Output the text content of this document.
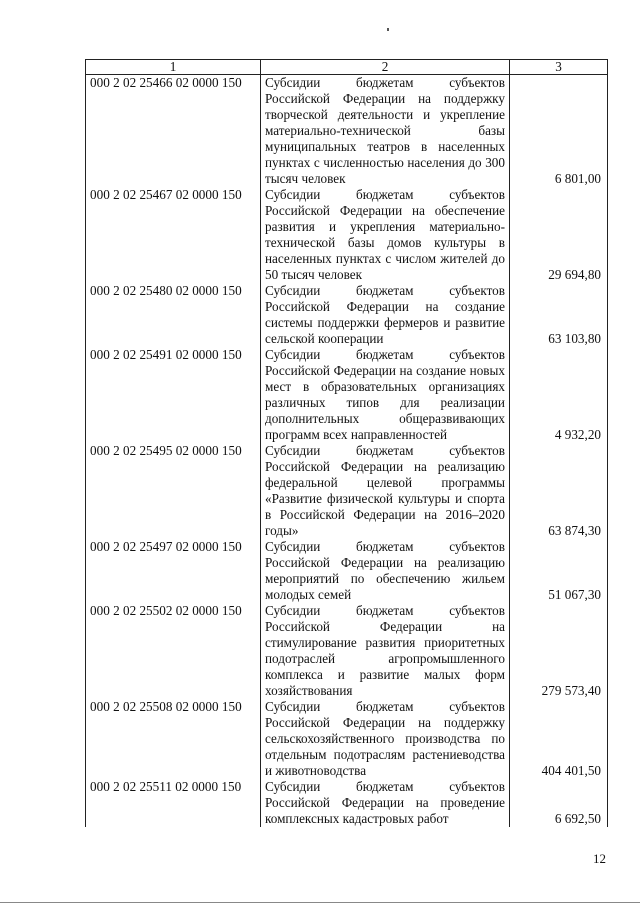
1	2	3
000 2 02 25466 02 0000 150	Субсидии бюджетам субъектов Российской Федерации на поддержку творческой деятельности и укрепление материально-технической базы муниципальных театров в населенных пунктах с численностью населения до 300 тысяч человек	6 801,00
000 2 02 25467 02 0000 150	Субсидии бюджетам субъектов Российской Федерации на обеспечение развития и укрепления материально-технической базы домов культуры в населенных пунктах с числом жителей до 50 тысяч человек	29 694,80
000 2 02 25480 02 0000 150	Субсидии бюджетам субъектов Российской Федерации на создание системы поддержки фермеров и развитие сельской кооперации	63 103,80
000 2 02 25491 02 0000 150	Субсидии бюджетам субъектов Российской Федерации на создание новых мест в образовательных организациях различных типов для реализации дополнительных общеразвивающих программ всех направленностей	4 932,20
000 2 02 25495 02 0000 150	Субсидии бюджетам субъектов Российской Федерации на реализацию федеральной целевой программы «Развитие физической культуры и спорта в Российской Федерации на 2016–2020 годы»	63 874,30
000 2 02 25497 02 0000 150	Субсидии бюджетам субъектов Российской Федерации на реализацию мероприятий по обеспечению жильем молодых семей	51 067,30
000 2 02 25502 02 0000 150	Субсидии бюджетам субъектов Российской Федерации на стимулирование развития приоритетных подотраслей агропромышленного комплекса и развитие малых форм хозяйствования	279 573,40
000 2 02 25508 02 0000 150	Субсидии бюджетам субъектов Российской Федерации на поддержку сельскохозяйственного производства по отдельным подотраслям растениеводства и животноводства	404 401,50
000 2 02 25511 02 0000 150	Субсидии бюджетам субъектов Российской Федерации на проведение комплексных кадастровых работ	6 692,50
12
